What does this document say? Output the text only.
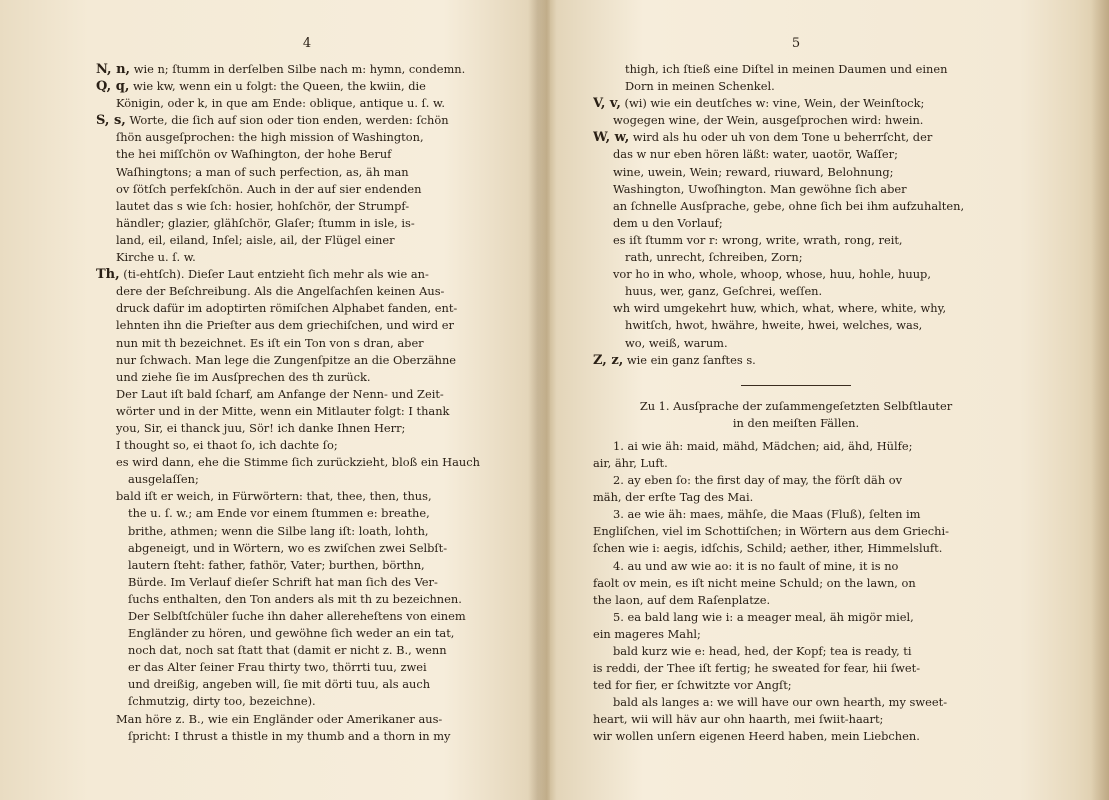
4
N, n, wie n; ſtumm in derſelben Silbe nach m: hymn, condemn.
Q, q, wie kw, wenn ein u folgt: the Queen, the kwiin, die
Königin, oder k, in que am Ende: oblique, antique u. ſ. w.
S, s, Worte, die ſich auf sion oder tion enden, werden: ſchön
ſhön ausgeſprochen: the high mission of Washington,
the hei miſſchön ov Waſhington, der hohe Beruf
Waſhingtons; a man of such perfection, as, äh man
ov ſötſch perfekſchön. Auch in der auf sier endenden
lautet das s wie ſch: hosier, hohſchör, der Strumpf-
händler; glazier, glähſchör, Glaſer; ſtumm in isle, is-
land, eil, eiland, Inſel; aisle, ail, der Flügel einer
Kirche u. ſ. w.
Th, (ti-ehtſch). Dieſer Laut entzieht ſich mehr als wie an-
dere der Beſchreibung. Als die Angelſachſen keinen Aus-
druck dafür im adoptirten römiſchen Alphabet fanden, ent-
lehnten ihn die Prieſter aus dem griechiſchen, und wird er
nun mit th bezeichnet. Es iſt ein Ton von s dran, aber
nur ſchwach. Man lege die Zungenſpitze an die Oberzähne
und ziehe ſie im Ausſprechen des th zurück.
Der Laut iſt bald ſcharf, am Anfange der Nenn- und Zeit-
wörter und in der Mitte, wenn ein Mitlauter folgt: I thank
you, Sir, ei thanck juu, Sör! ich danke Ihnen Herr;
I thought so, ei thaot ſo, ich dachte ſo;
es wird dann, ehe die Stimme ſich zurückzieht, bloß ein Hauch
ausgelaſſen;
bald iſt er weich, in Fürwörtern: that, thee, then, thus,
the u. ſ. w.; am Ende vor einem ſtummen e: breathe,
brithe, athmen; wenn die Silbe lang iſt: loath, lohth,
abgeneigt, und in Wörtern, wo es zwiſchen zwei Selbſt-
lautern ſteht: father, fathör, Vater; burthen, börthn,
Bürde. Im Verlauf dieſer Schrift hat man ſich des Ver-
ſuchs enthalten, den Ton anders als mit th zu bezeichnen.
Der Selbſtſchüler ſuche ihn daher allereheſtens von einem
Engländer zu hören, und gewöhne ſich weder an ein tat,
noch dat, noch sat ſtatt that (damit er nicht z. B., wenn
er das Alter ſeiner Frau thirty two, thörrti tuu, zwei
und dreißig, angeben will, ſie mit dörti tuu, als auch
ſchmutzig, dirty too, bezeichne).
Man höre z. B., wie ein Engländer oder Amerikaner aus-
ſpricht: I thrust a thistle in my thumb and a thorn in my
5
thigh, ich ſtieß eine Diſtel in meinen Daumen und einen
Dorn in meinen Schenkel.
V, v, (wi) wie ein deutſches w: vine, Wein, der Weinſtock;
wogegen wine, der Wein, ausgeſprochen wird: hwein.
W, w, wird als hu oder uh von dem Tone u beherrſcht, der
das w nur eben hören läßt: water, uaotör, Waſſer;
wine, uwein, Wein; reward, riuward, Belohnung;
Washington, Uwoſhington. Man gewöhne ſich aber
an ſchnelle Ausſprache, gebe, ohne ſich bei ihm aufzuhalten,
dem u den Vorlauf;
es iſt ſtumm vor r: wrong, write, wrath, rong, reit,
rath, unrecht, ſchreiben, Zorn;
vor ho in who, whole, whoop, whose, huu, hohle, huup,
huus, wer, ganz, Geſchrei, weſſen.
wh wird umgekehrt huw, which, what, where, white, why,
hwitſch, hwot, hwähre, hweite, hwei, welches, was,
wo, weiß, warum.
Z, z, wie ein ganz ſanftes s.
Zu 1. Ausſprache der zuſammengeſetzten Selbſtlauter
in den meiſten Fällen.
1. ai wie äh: maid, mähd, Mädchen; aid, ähd, Hülfe;
air, ähr, Luft.
2. ay eben ſo: the first day of may, the förſt däh ov
mäh, der erſte Tag des Mai.
3. ae wie äh: maes, mähſe, die Maas (Fluß), ſelten im
Engliſchen, viel im Schottiſchen; in Wörtern aus dem Griechi-
ſchen wie i: aegis, idſchis, Schild; aether, ither, Himmelsluft.
4. au und aw wie ao: it is no fault of mine, it is no
faolt ov mein, es iſt nicht meine Schuld; on the lawn, on
the laon, auf dem Raſenplatze.
5. ea bald lang wie i: a meager meal, äh migör miel,
ein mageres Mahl;
bald kurz wie e: head, hed, der Kopf; tea is ready, ti
is reddi, der Thee iſt fertig; he sweated for fear, hii ſwet-
ted for fier, er ſchwitzte vor Angſt;
bald als langes a: we will have our own hearth, my sweet-
heart, wii will häv aur ohn haarth, mei ſwiit-haart;
wir wollen unſern eigenen Heerd haben, mein Liebchen.
